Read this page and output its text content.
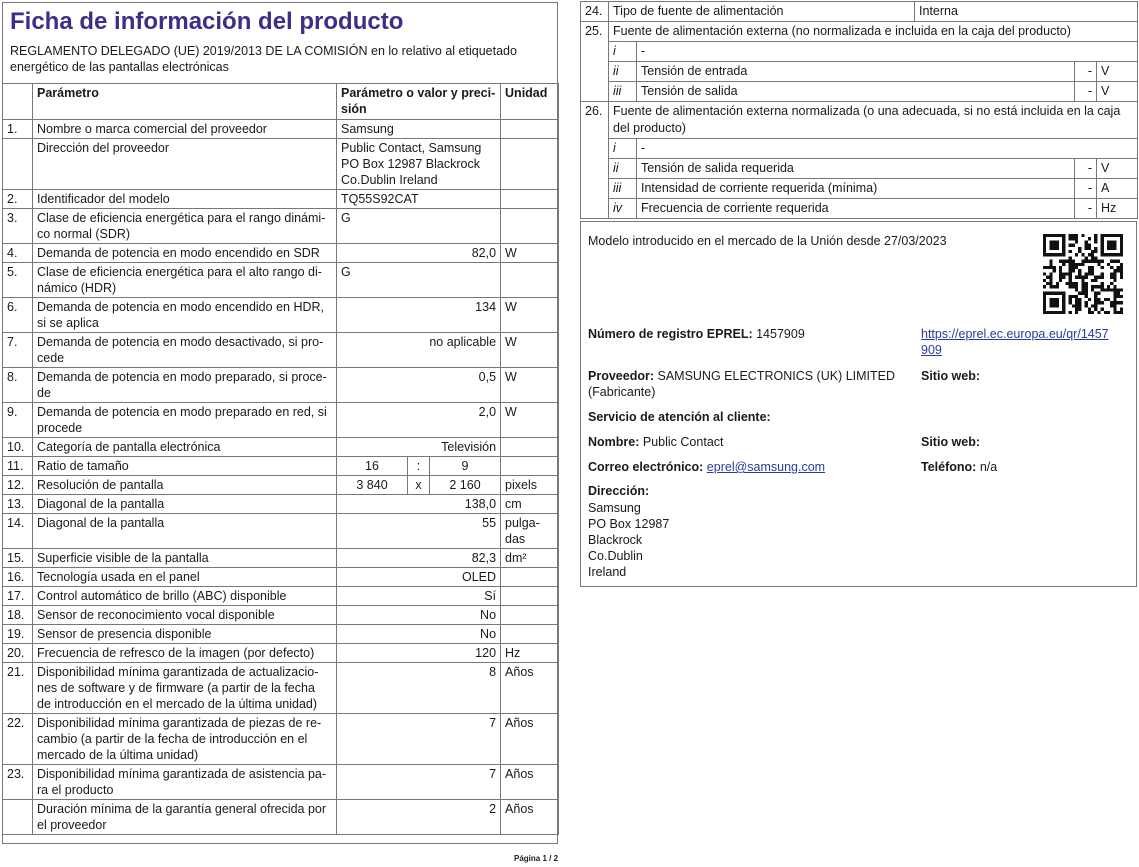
Ficha de información del producto
REGLAMENTO DELEGADO (UE) 2019/2013 DE LA COMISIÓN en lo relativo al etiquetado energético de las pantallas electrónicas
	Parámetro	Parámetro o valor y precisión			Unidad
1.	Nombre o marca comercial del proveedor	Samsung			
	Dirección del proveedor	Public Contact, Samsung PO Box 12987 Blackrock Co.Dublin Ireland			
2.	Identificador del modelo	TQ55S92CAT			
3.	Clase de eficiencia energética para el rango dinámico normal (SDR)	G			
4.	Demanda de potencia en modo encendido en SDR	82,0			W
5.	Clase de eficiencia energética para el alto rango dinámico (HDR)	G			
6.	Demanda de potencia en modo encendido en HDR, si se aplica	134			W
7.	Demanda de potencia en modo desactivado, si procede	no aplicable			W
8.	Demanda de potencia en modo preparado, si procede	0,5			W
9.	Demanda de potencia en modo preparado en red, si procede	2,0			W
10.	Categoría de pantalla electrónica	Televisión			
11.	Ratio de tamaño	16	:	9	
12.	Resolución de pantalla	3 840	x	2 160	pixels
13.	Diagonal de la pantalla	138,0			cm
14.	Diagonal de la pantalla	55			pulgadas
15.	Superficie visible de la pantalla	82,3			dm²
16.	Tecnología usada en el panel	OLED			
17.	Control automático de brillo (ABC) disponible	Sí			
18.	Sensor de reconocimiento vocal disponible	No			
19.	Sensor de presencia disponible	No			
20.	Frecuencia de refresco de la imagen (por defecto)	120			Hz
21.	Disponibilidad mínima garantizada de actualizaciones de software y de firmware (a partir de la fecha de introducción en el mercado de la última unidad)	8			Años
22.	Disponibilidad mínima garantizada de piezas de recambio (a partir de la fecha de introducción en el mercado de la última unidad)	7			Años
23.	Disponibilidad mínima garantizada de asistencia para el producto	7			Años
	Duración mínima de la garantía general ofrecida por el proveedor	2			Años
24.	Tipo de fuente de alimentación		Interna		
25.	Fuente de alimentación externa (no normalizada e incluida en la caja del producto)				
	i	-			
	ii	Tensión de entrada		-	V
	iii	Tensión de salida		-	V
26.	Fuente de alimentación externa normalizada (o una adecuada, si no está incluida en la caja del producto)				
	i	-			
	ii	Tensión de salida requerida		-	V
	iii	Intensidad de corriente requerida (mínima)		-	A
	iv	Frecuencia de corriente requerida		-	Hz
Modelo introducido en el mercado de la Unión desde 27/03/2023
Número de registro EPREL: 1457909	https://eprel.ec.europa.eu/qr/1457909
Proveedor: SAMSUNG ELECTRONICS (UK) LIMITED (Fabricante)
Sitio web:
Servicio de atención al cliente:
Nombre: Public Contact	Sitio web:
Correo electrónico: eprel@samsung.com	Teléfono: n/a
Dirección:
Samsung
PO Box 12987
Blackrock
Co.Dublin
Ireland
Página 1 / 2
